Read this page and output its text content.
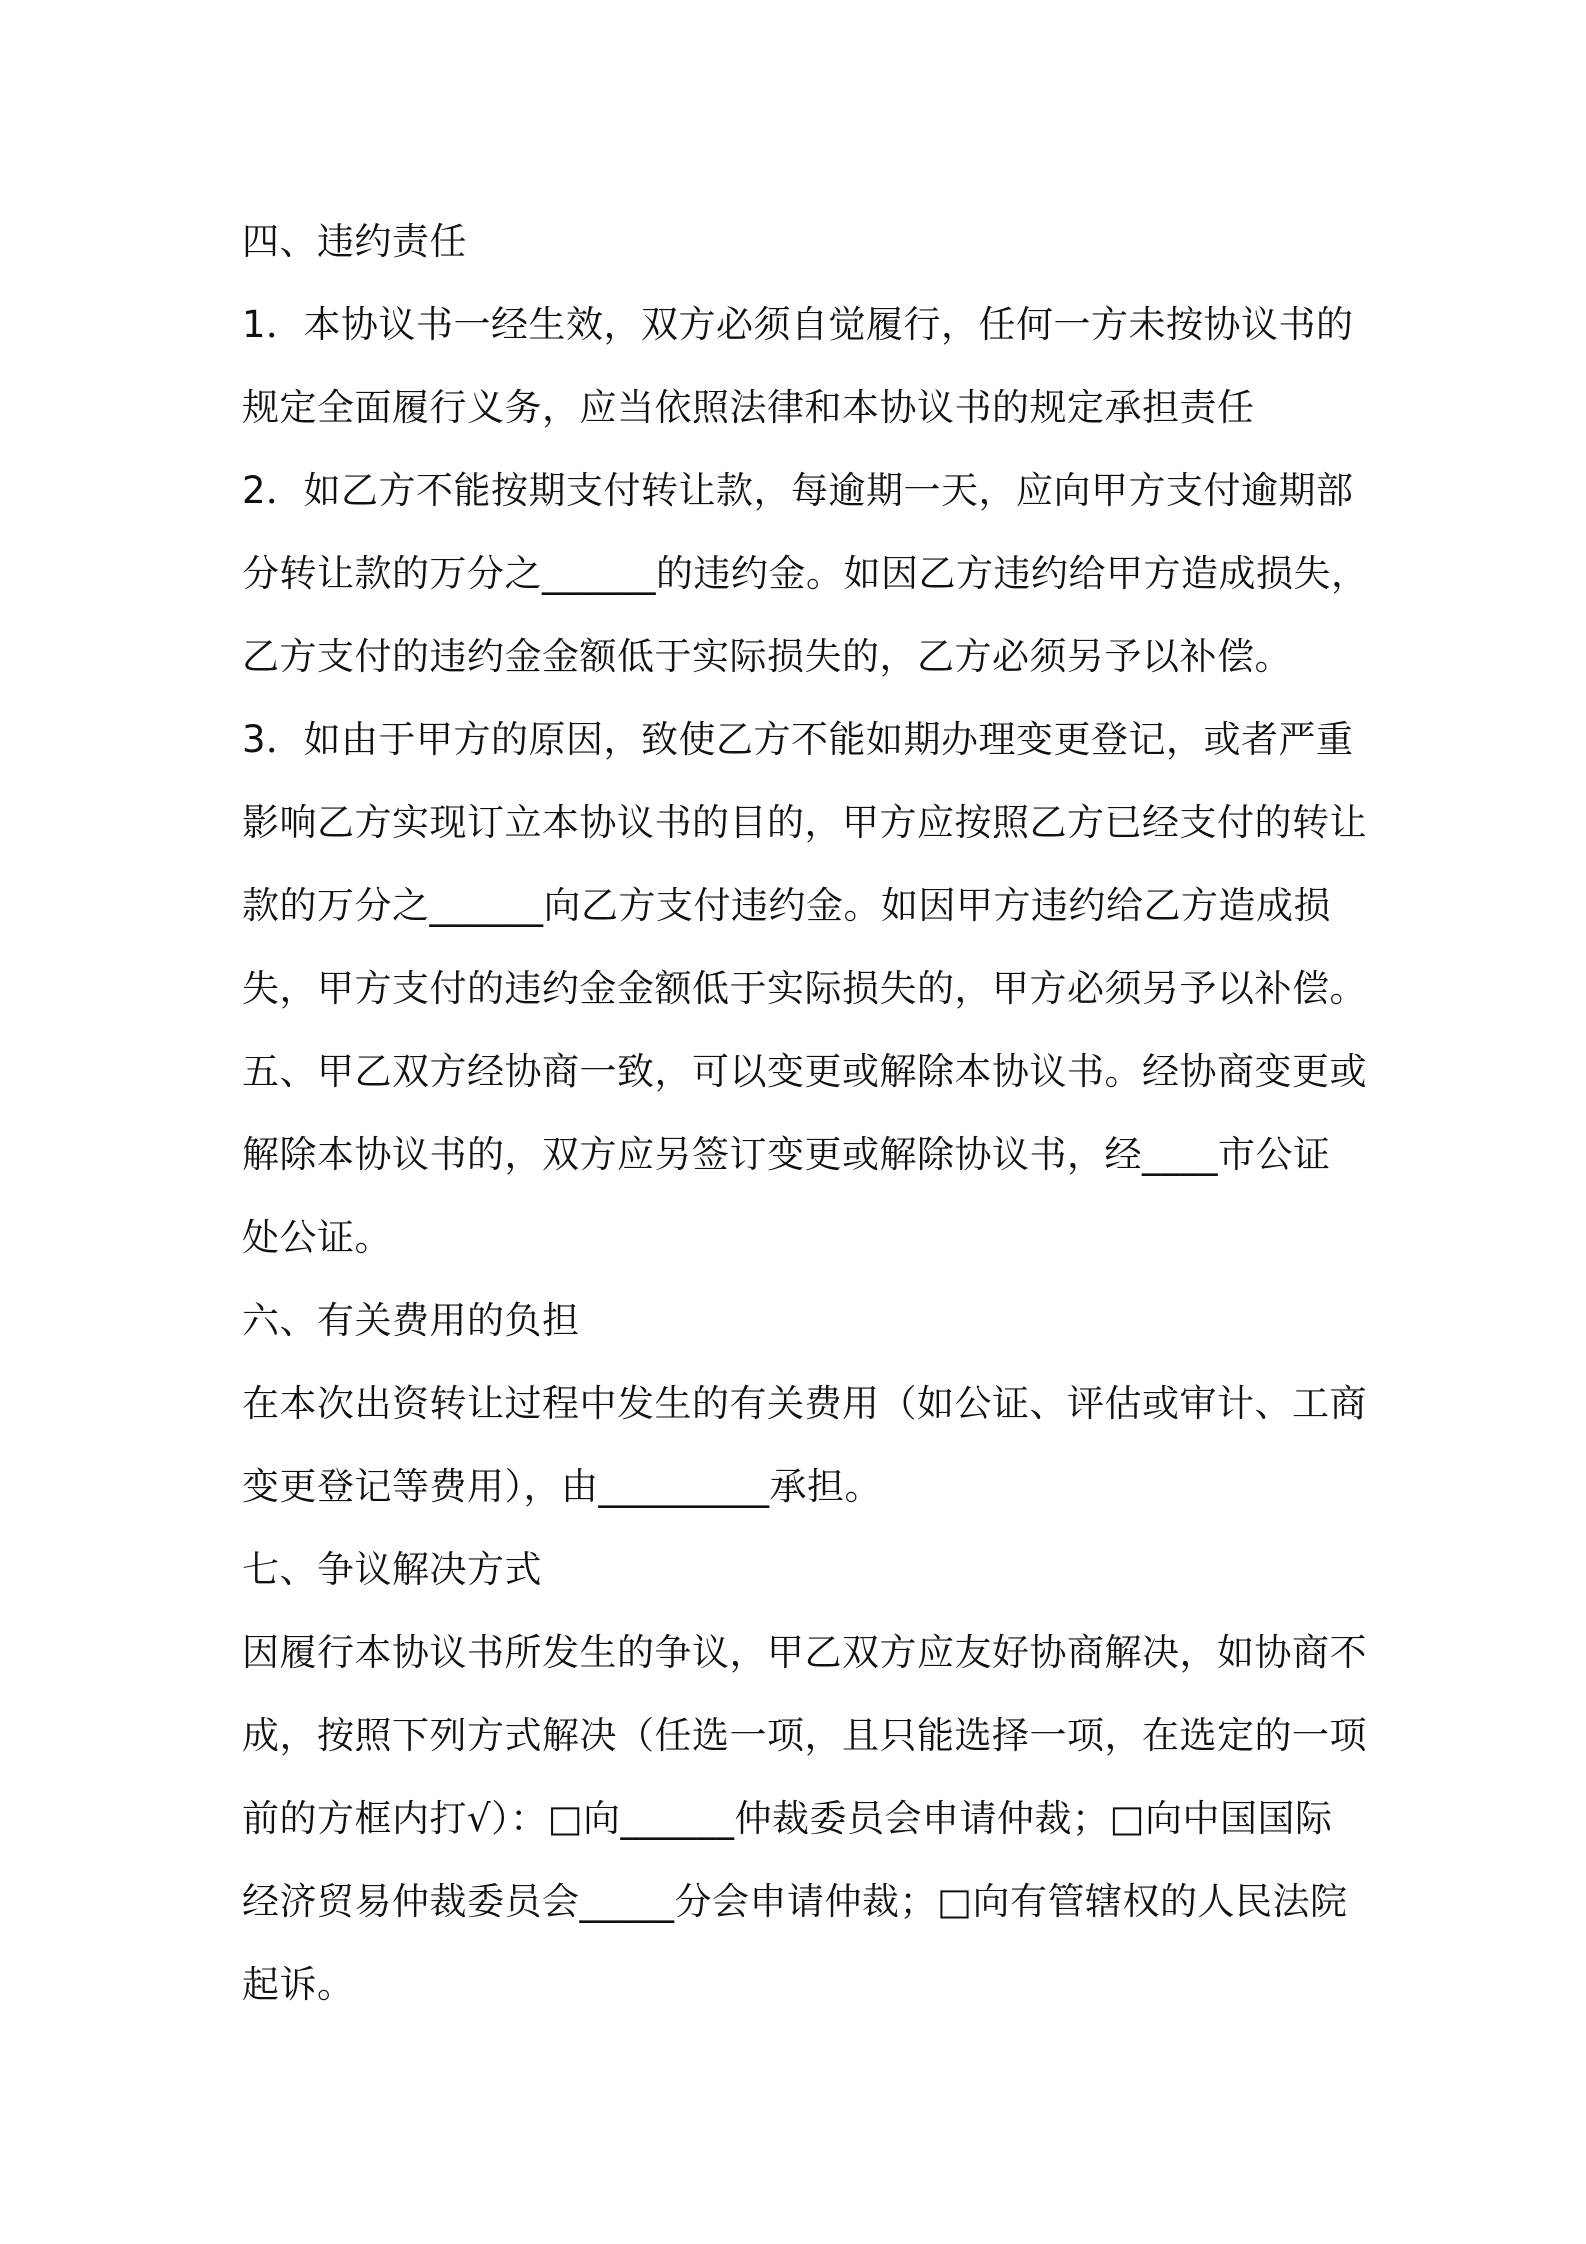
四、违约责任
1．本协议书一经生效，双方必须自觉履行，任何一方未按协议书的
规定全面履行义务，应当依照法律和本协议书的规定承担责任
2．如乙方不能按期支付转让款，每逾期一天，应向甲方支付逾期部
分转让款的万分之______的违约金。如因乙方违约给甲方造成损失，
乙方支付的违约金金额低于实际损失的，乙方必须另予以补偿。
3．如由于甲方的原因，致使乙方不能如期办理变更登记，或者严重
影响乙方实现订立本协议书的目的，甲方应按照乙方已经支付的转让
款的万分之______向乙方支付违约金。如因甲方违约给乙方造成损
失，甲方支付的违约金金额低于实际损失的，甲方必须另予以补偿。
五、甲乙双方经协商一致，可以变更或解除本协议书。经协商变更或
解除本协议书的，双方应另签订变更或解除协议书，经____市公证
处公证。
六、有关费用的负担
在本次出资转让过程中发生的有关费用（如公证、评估或审计、工商
变更登记等费用），由_________承担。
七、争议解决方式
因履行本协议书所发生的争议，甲乙双方应友好协商解决，如协商不
成，按照下列方式解决（任选一项，且只能选择一项，在选定的一项
前的方框内打√）：□向______仲裁委员会申请仲裁；□向中国国际
经济贸易仲裁委员会_____分会申请仲裁；□向有管辖权的人民法院
起诉。
